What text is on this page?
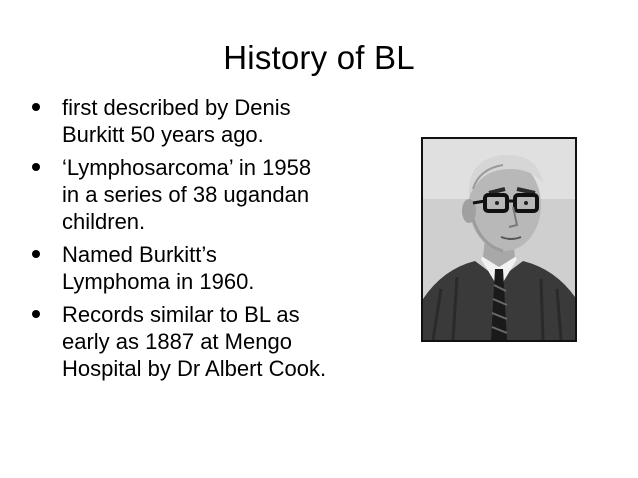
History of BL
first described by Denis Burkitt 50 years ago.
‘Lymphosarcoma’ in 1958 in a series of 38 ugandan children.
Named Burkitt’s Lymphoma in 1960.
Records similar to BL as early as 1887 at Mengo Hospital by Dr Albert Cook.
